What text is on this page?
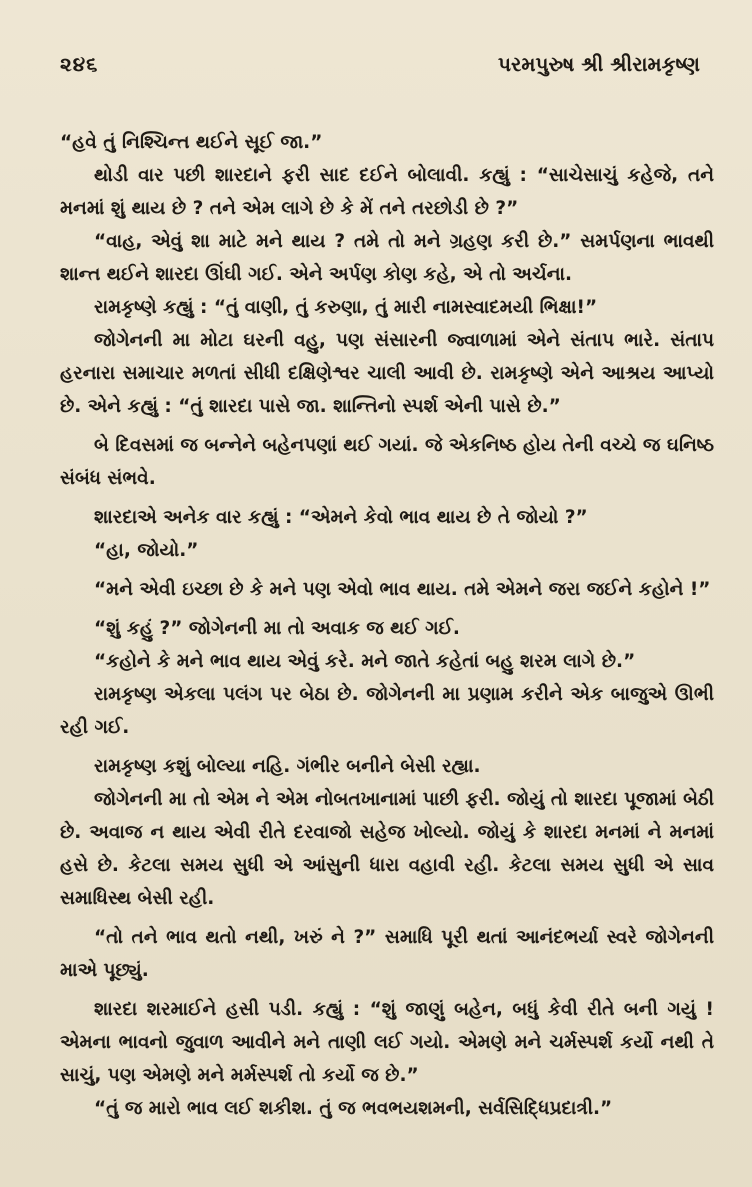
૨૪૬	પરમપુરુષ શ્રી શ્રીરામકૃષ્ણ

“હવે તું નિશ્ચિન્ત થઈને સૂઈ જા.”

થોડી વાર પછી શારદાને ફરી સાદ દઈને બોલાવી. કહ્યું : “સાચેસાચું કહેજે, તને મનમાં શું થાય છે ? તને એમ લાગે છે કે મેં તને તરછોડી છે ?”

“વાહ, એવું શા માટે મને થાય ? તમે તો મને ગ્રહણ કરી છે.” સમર્પણના ભાવથી શાન્ત થઈને શારદા ઊંઘી ગઈ. એને અર્પણ કોણ કહે, એ તો અર્ચના.

રામકૃષ્ણે કહ્યું : “તું વાણી, તું કરુણા, તું મારી નામસ્વાદમયી ભિક્ષા!”

જોગેનની મા મોટા ઘરની વહુ, પણ સંસારની જ્વાળામાં એને સંતાપ ભારે. સંતાપ હરનારા સમાચાર મળતાં સીધી દક્ષિણેશ્વર ચાલી આવી છે. રામકૃષ્ણે એને આશ્રય આપ્યો છે. એને કહ્યું : “તું શારદા પાસે જા. શાન્તિનો સ્પર્શ એની પાસે છે.”

બે દિવસમાં જ બન્નેને બહેનપણાં થઈ ગયાં. જે એકનિષ્ઠ હોય તેની વચ્ચે જ ઘનિષ્ઠ સંબંધ સંભવે.

શારદાએ અનેક વાર કહ્યું : “એમને કેવો ભાવ થાય છે તે જોયો ?”

“હા, જોયો.”

“મને એવી ઇચ્છા છે કે મને પણ એવો ભાવ થાય. તમે એમને જરા જઈને કહોને !”

“શું કહું ?” જોગેનની મા તો અવાક જ થઈ ગઈ.

“કહોને કે મને ભાવ થાય એવું કરે. મને જાતે કહેતાં બહુ શરમ લાગે છે.”

રામકૃષ્ણ એકલા પલંગ પર બેઠા છે. જોગેનની મા પ્રણામ કરીને એક બાજુએ ઊભી રહી ગઈ.

રામકૃષ્ણ કશું બોલ્યા નહિ. ગંભીર બનીને બેસી રહ્યા.

જોગેનની મા તો એમ ને એમ નોબતખાનામાં પાછી ફરી. જોયું તો શારદા પૂજામાં બેઠી છે. અવાજ ન થાય એવી રીતે દરવાજો સહેજ ખોલ્યો. જોયું કે શારદા મનમાં ને મનમાં હસે છે. કેટલા સમય સુધી એ આંસુની ધારા વહાવી રહી. કેટલા સમય સુધી એ સાવ સમાધિસ્થ બેસી રહી.

“તો તને ભાવ થતો નથી, ખરું ને ?” સમાધિ પૂરી થતાં આનંદભર્યા સ્વરે જોગેનની માએ પૂછ્યું.

શારદા શરમાઈને હસી પડી. કહ્યું : “શું જાણું બહેન, બધું કેવી રીતે બની ગયું ! એમના ભાવનો જુવાળ આવીને મને તાણી લઈ ગયો. એમણે મને ચર્મસ્પર્શ કર્યો નથી તે સાચું, પણ એમણે મને મર્મસ્પર્શ તો કર્યો જ છે.”

“તું જ મારો ભાવ લઈ શકીશ. તું જ ભવભયશમની, સર્વસિદ્ધિપ્રદાત્રી.”
